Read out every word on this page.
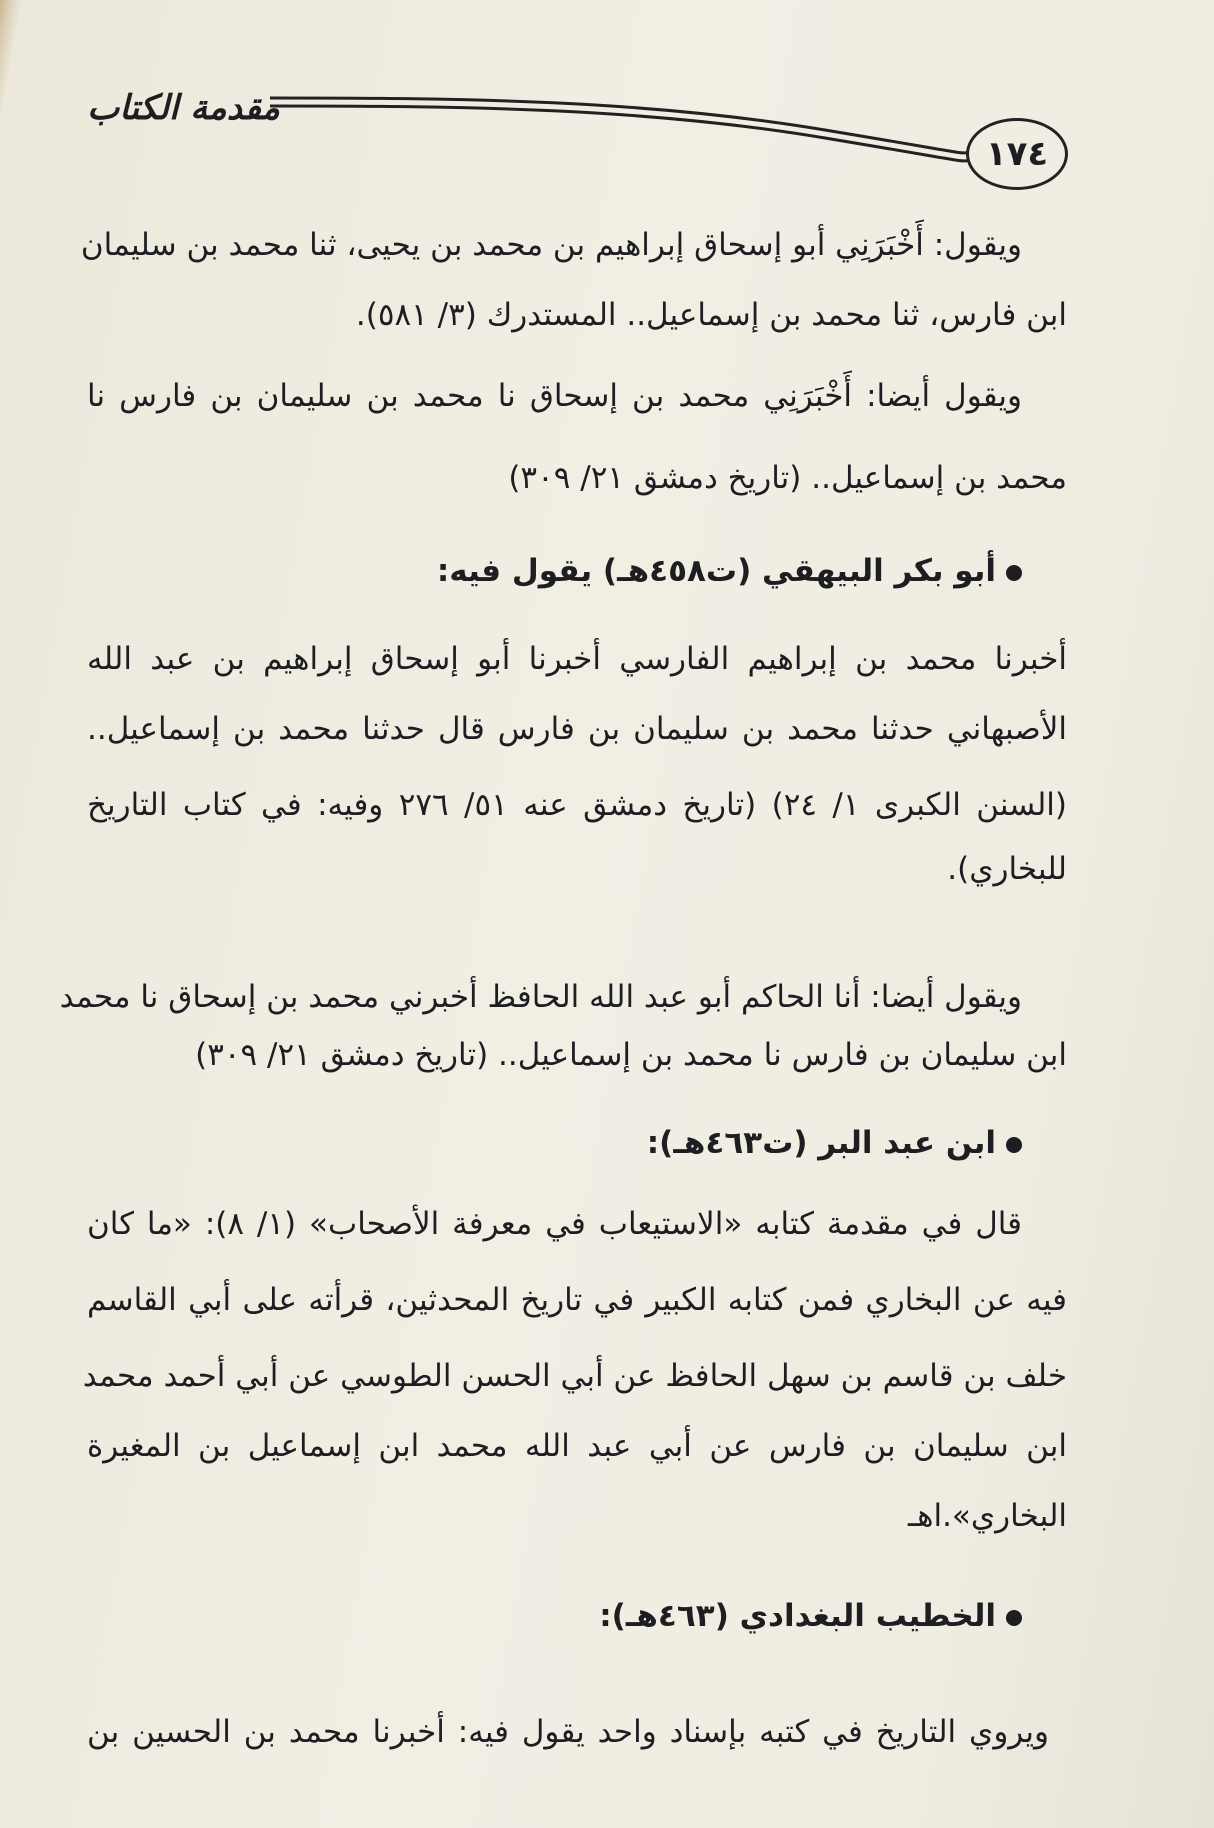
مقدمة الكتاب
١٧٤
ويقول: أَخْبَرَنِي أبو إسحاق إبراهيم بن محمد بن يحيى، ثنا محمد بن سليمان
ابن فارس، ثنا محمد بن إسماعيل.. المستدرك (٣/ ٥٨١).
ويقول أيضا: أَخْبَرَنِي محمد بن إسحاق نا محمد بن سليمان بن فارس نا
محمد بن إسماعيل.. (تاريخ دمشق ٢١/ ٣٠٩)
أبو بكر البيهقي (ت٤٥٨هـ) يقول فيه:
أخبرنا محمد بن إبراهيم الفارسي أخبرنا أبو إسحاق إبراهيم بن عبد الله
الأصبهاني حدثنا محمد بن سليمان بن فارس قال حدثنا محمد بن إسماعيل..
(السنن الكبرى ١/ ٢٤) (تاريخ دمشق عنه ٥١/ ٢٧٦ وفيه: في كتاب التاريخ
للبخاري).
ويقول أيضا: أنا الحاكم أبو عبد الله الحافظ أخبرني محمد بن إسحاق نا محمد
ابن سليمان بن فارس نا محمد بن إسماعيل.. (تاريخ دمشق ٢١/ ٣٠٩)
ابن عبد البر (ت٤٦٣هـ):
قال في مقدمة كتابه «الاستيعاب في معرفة الأصحاب» (١/ ٨): «ما كان
فيه عن البخاري فمن كتابه الكبير في تاريخ المحدثين، قرأته على أبي القاسم
خلف بن قاسم بن سهل الحافظ عن أبي الحسن الطوسي عن أبي أحمد محمد
ابن سليمان بن فارس عن أبي عبد الله محمد ابن إسماعيل بن المغيرة
البخاري».اهـ
الخطيب البغدادي (٤٦٣هـ):
ويروي التاريخ في كتبه بإسناد واحد يقول فيه: أخبرنا محمد بن الحسين بن
